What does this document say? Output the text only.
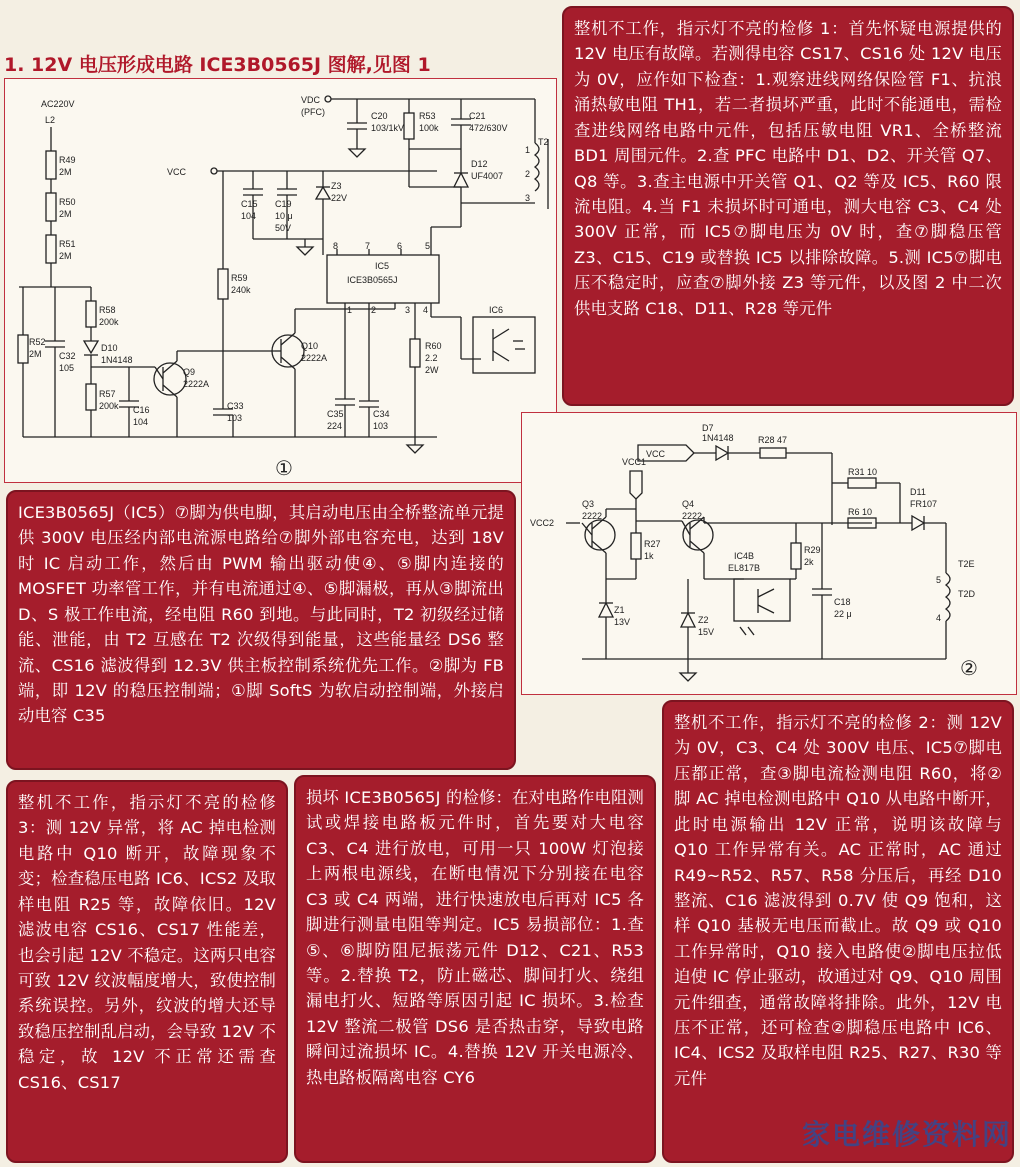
1. 12V 电压形成电路 ICE3B0565J 图解,见图 1
AC220V
L2
R49
2M
R50
2M
R51
2M
R52
2M C32
105
R58
200k
D10
1N4148
R57
200k C16
104
Q9
2222A
C33
103
R59
240k
Q10
2222A
VCC
C15
104
C19
10 μ
50V
Z3
22V
VDC
(PFC)	C20
103/1kV
R53
100k
C21
472/630V
D12
UF4007
T2
1
2
3
IC5
ICE3B0565J
8	7	6	5
1 2	3 4
C35
224
C34
103
R60
2.2
2W
IC6
①
VCC
D7
1N4148	R28 47
R31 10
D11
FR107
R6 10
VCC1
VCC2
Q3
2222
Q4
2222
R27
1k	IC4B
EL817B
R29
2k
C18
22 μ
Z1
13V	Z2
15V
T2E
T2D
5
4
②

整机不工作，指示灯不亮的检修 1：首先怀疑电源提供的 12V 电压有故障。若测得电容 CS17、CS16 处 12V 电压为 0V，应作如下检查：1.观察进线网络保险管 F1、抗浪涌热敏电阻 TH1，若二者损坏严重，此时不能通电，需检查进线网络电路中元件，包括压敏电阻 VR1、全桥整流 BD1 周围元件。2.查 PFC 电路中 D1、D2、开关管 Q7、Q8 等。3.查主电源中开关管 Q1、Q2 等及 IC5、R60 限流电阻。4.当 F1 未损坏时可通电，测大电容 C3、C4 处 300V 正常，而 IC5⑦脚电压为 0V 时，查⑦脚稳压管 Z3、C15、C19 或替换 IC5 以排除故障。5.测 IC5⑦脚电压不稳定时，应查⑦脚外接 Z3 等元件，以及图 2 中二次供电支路 C18、D11、R28 等元件

ICE3B0565J（IC5）⑦脚为供电脚，其启动电压由全桥整流单元提供 300V 电压经内部电流源电路给⑦脚外部电容充电，达到 18V 时 IC 启动工作，然后由 PWM 输出驱动使④、⑤脚内连接的 MOSFET 功率管工作，并有电流通过④、⑤脚漏极，再从③脚流出 D、S 极工作电流，经电阻 R60 到地。与此同时，T2 初级经过储能、泄能，由 T2 互感在 T2 次级得到能量，这些能量经 DS6 整流、CS16 滤波得到 12.3V 供主板控制系统优先工作。②脚为 FB 端，即 12V 的稳压控制端；①脚 SoftS 为软启动控制端，外接启动电容 C35	整机不工作，指示灯不亮的检修 2：测 12V 为 0V，C3、C4 处 300V 电压、IC5⑦脚电压都正常，查③脚电流检测电阻 R60，将②脚 AC 掉电检测电路中 Q10 从电路中断开，此时电源输出 12V 正常，说明该故障与 Q10 工作异常有关。AC 正常时，AC 通过 R49~R52、R57、R58 分压后，再经 D10 整流、C16 滤波得到 0.7V 使 Q9 饱和，这样 Q10 基极无电压而截止。故 Q9 或 Q10 工作异常时，Q10 接入电路使②脚电压拉低迫使 IC 停止驱动，故通过对 Q9、Q10 周围元件细查，通常故障将排除。此外，12V 电压不正常，还可检查②脚稳压电路中 IC6、IC4、ICS2 及取样电阻 R25、R27、R30 等元件

整机不工作，指示灯不亮的检修 3：测 12V 异常，将 AC 掉电检测电路中 Q10 断开，故障现象不变；检查稳压电路 IC6、ICS2 及取样电阻 R25 等，故障依旧。12V 滤波电容 CS16、CS17 性能差，也会引起 12V 不稳定。这两只电容可致 12V 纹波幅度增大，致使控制系统误控。另外，纹波的增大还导致稳压控制乱启动，会导致 12V 不稳定，故 12V 不正常还需查 CS16、CS17

损坏 ICE3B0565J 的检修：在对电路作电阻测试或焊接电路板元件时，首先要对大电容 C3、C4 进行放电，可用一只 100W 灯泡接上两根电源线，在断电情况下分别接在电容 C3 或 C4 两端，进行快速放电后再对 IC5 各脚进行测量电阻等判定。IC5 易损部位：1.查⑤、⑥脚防阻尼振荡元件 D12、C21、R53 等。2.替换 T2，防止磁芯、脚间打火、绕组漏电打火、短路等原因引起 IC 损坏。3.检查 12V 整流二极管 DS6 是否热击穿，导致电路瞬间过流损坏 IC。4.替换 12V 开关电源冷、热电路板隔离电容 CY6

家电维修资料网
